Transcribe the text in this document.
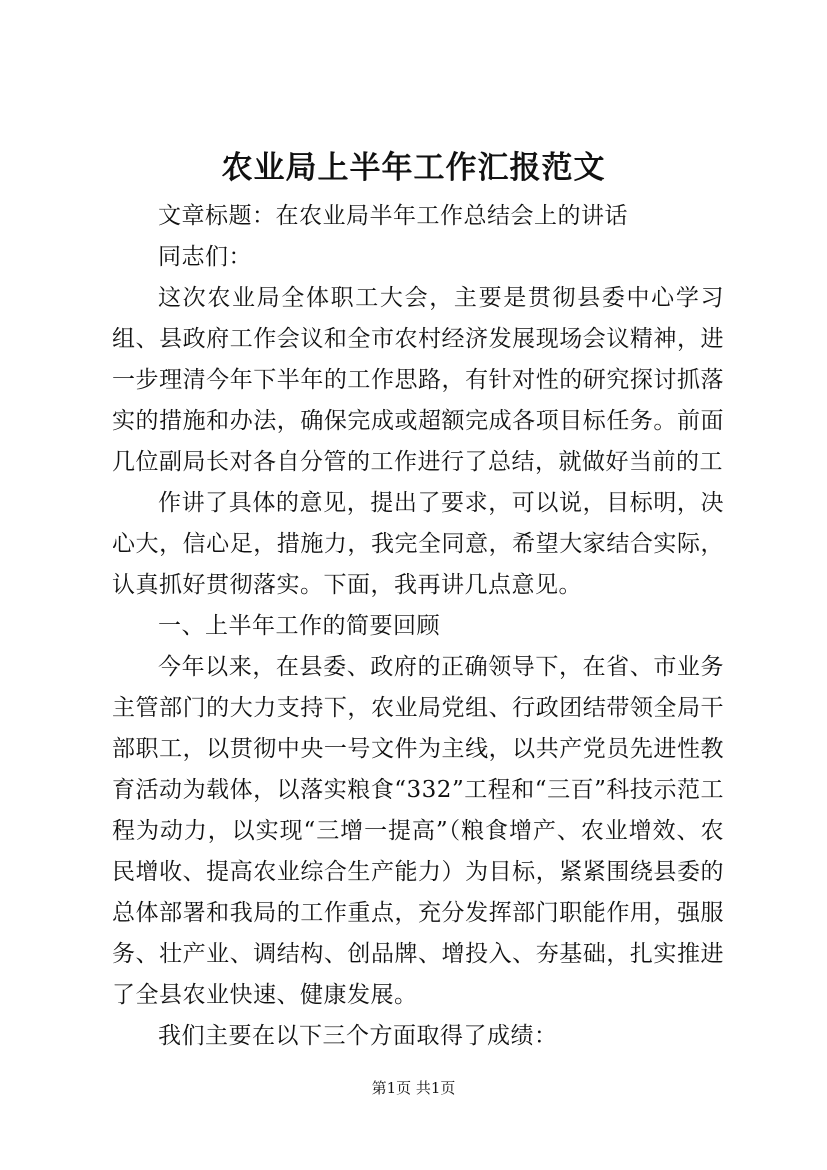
农业局上半年工作汇报范文

文章标题：在农业局半年工作总结会上的讲话

同志们：

这次农业局全体职工大会，主要是贯彻县委中心学习组、县政府工作会议和全市农村经济发展现场会议精神，进一步理清今年下半年的工作思路，有针对性的研究探讨抓落实的措施和办法，确保完成或超额完成各项目标任务。前面几位副局长对各自分管的工作进行了总结，就做好当前的工

作讲了具体的意见，提出了要求，可以说，目标明，决心大，信心足，措施力，我完全同意，希望大家结合实际，认真抓好贯彻落实。下面，我再讲几点意见。

一、上半年工作的简要回顾

今年以来，在县委、政府的正确领导下，在省、市业务主管部门的大力支持下，农业局党组、行政团结带领全局干部职工，以贯彻中央一号文件为主线，以共产党员先进性教育活动为载体，以落实粮食“332”工程和“三百”科技示范工程为动力，以实现“三增一提高”（粮食增产、农业增效、农民增收、提高农业综合生产能力）为目标，紧紧围绕县委的总体部署和我局的工作重点，充分发挥部门职能作用，强服务、壮产业、调结构、创品牌、增投入、夯基础，扎实推进了全县农业快速、健康发展。

我们主要在以下三个方面取得了成绩：

第1页 共1页
